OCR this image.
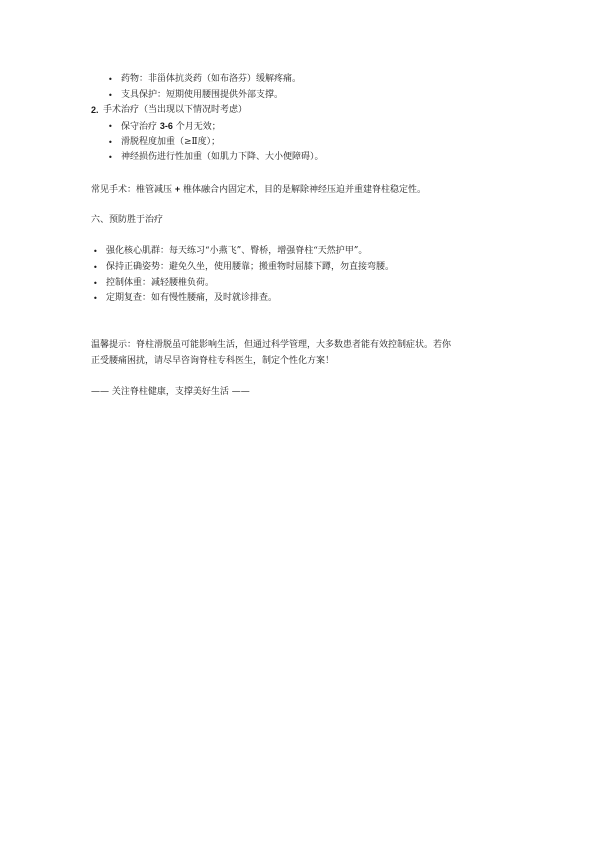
• 药物：非甾体抗炎药（如布洛芬）缓解疼痛。
• 支具保护：短期使用腰围提供外部支撑。
2. 手术治疗（当出现以下情况时考虑）
• 保守治疗 3-6 个月无效；
• 滑脱程度加重（≥Ⅱ度）；
• 神经损伤进行性加重（如肌力下降、大小便障碍）。
常见手术：椎管减压 + 椎体融合内固定术，目的是解除神经压迫并重建脊柱稳定性。
六、预防胜于治疗
• 强化核心肌群：每天练习“小燕飞”、臀桥，增强脊柱“天然护甲”。
• 保持正确姿势：避免久坐，使用腰靠；搬重物时屈膝下蹲，勿直接弯腰。
• 控制体重：减轻腰椎负荷。
• 定期复查：如有慢性腰痛，及时就诊排查。
温馨提示：脊柱滑脱虽可能影响生活，但通过科学管理，大多数患者能有效控制症状。若你
正受腰痛困扰，请尽早咨询脊柱专科医生，制定个性化方案！
—— 关注脊柱健康，支撑美好生活 ——
